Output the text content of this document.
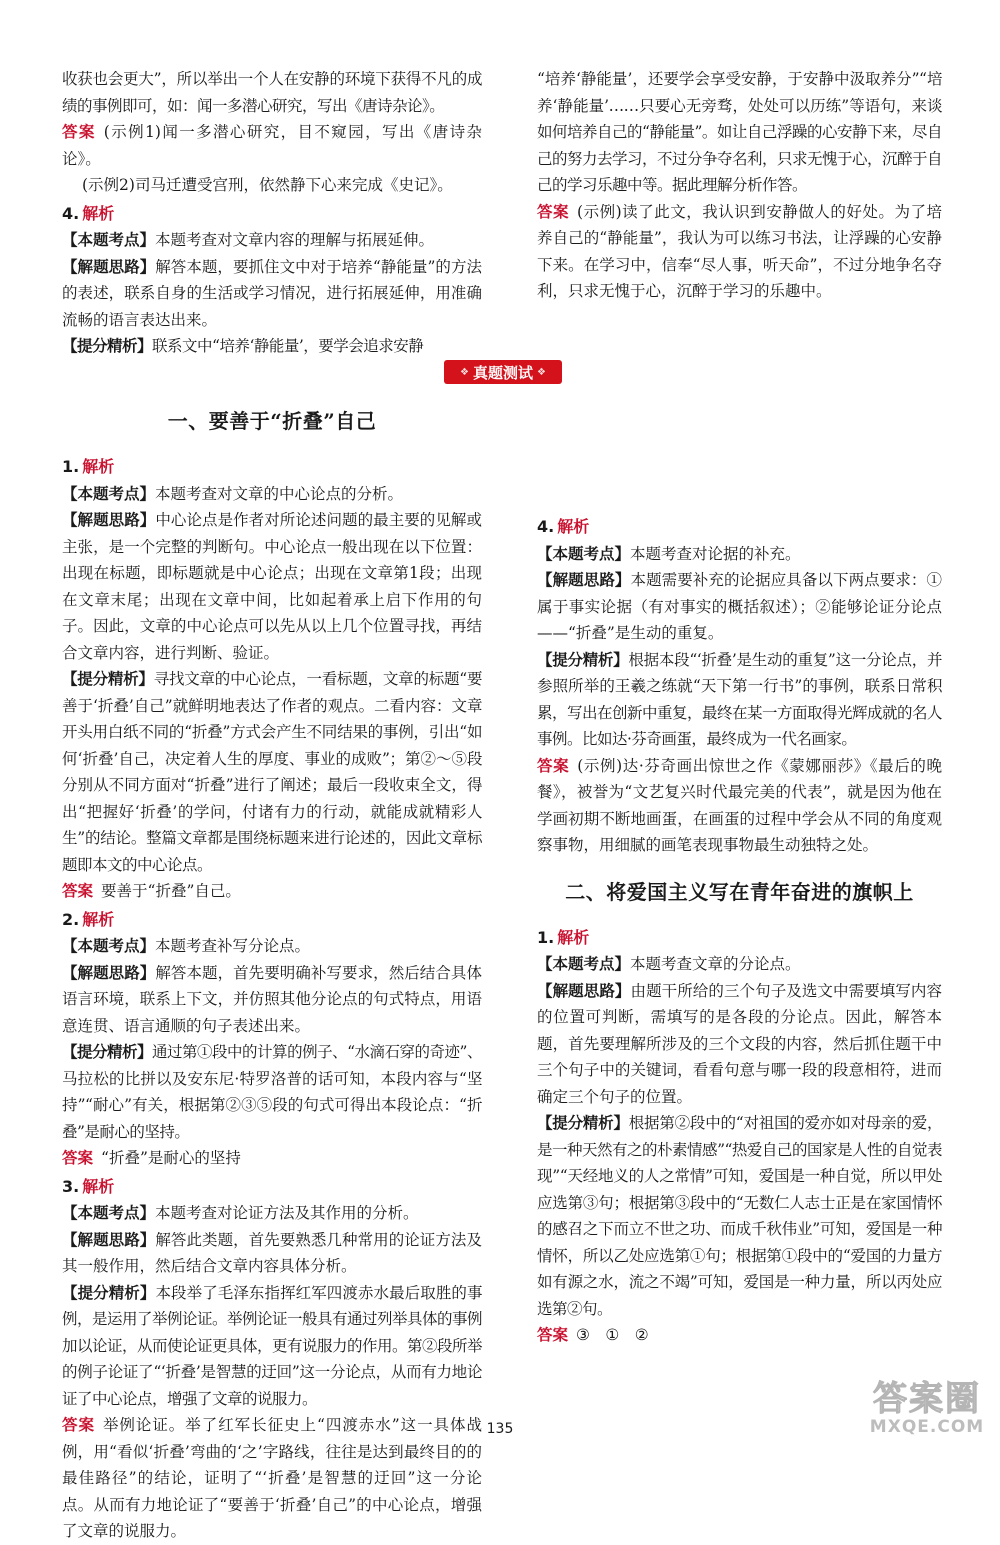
收获也会更大”，所以举出一个人在安静的环境下获得不凡的成绩的事例即可，如：闻一多潜心研究，写出《唐诗杂论》。

答案 (示例1)闻一多潜心研究，目不窥园，写出《唐诗杂论》。

(示例2)司马迁遭受宫刑，依然静下心来完成《史记》。

4. 解析

【本题考点】本题考查对文章内容的理解与拓展延伸。

【解题思路】解答本题，要抓住文中对于培养“静能量”的方法的表述，联系自身的生活或学习情况，进行拓展延伸，用准确流畅的语言表达出来。

【提分精析】联系文中“培养‘静能量’，要学会追求安静

“培养‘静能量’，还要学会享受安静，于安静中汲取养分”“培养‘静能量’……只要心无旁骛，处处可以历练”等语句，来谈如何培养自己的“静能量”。如让自己浮躁的心安静下来，尽自己的努力去学习，不过分争夺名利，只求无愧于心，沉醉于自己的学习乐趣中等。据此理解分析作答。

答案 (示例)读了此文，我认识到安静做人的好处。为了培养自己的“静能量”，我认为可以练习书法，让浮躁的心安静下来。在学习中，信奉“尽人事，听天命”，不过分地争名夺利，只求无愧于心，沉醉于学习的乐趣中。

❖ 真题测试 ❖
一、要善于“折叠”自己
1. 解析

【本题考点】本题考查对文章的中心论点的分析。

【解题思路】中心论点是作者对所论述问题的最主要的见解或主张，是一个完整的判断句。中心论点一般出现在以下位置：出现在标题，即标题就是中心论点；出现在文章第1段；出现在文章末尾；出现在文章中间，比如起着承上启下作用的句子。因此，文章的中心论点可以先从以上几个位置寻找，再结合文章内容，进行判断、验证。

【提分精析】寻找文章的中心论点，一看标题，文章的标题“要善于‘折叠’自己”就鲜明地表达了作者的观点。二看内容：文章开头用白纸不同的“折叠”方式会产生不同结果的事例，引出“如何‘折叠’自己，决定着人生的厚度、事业的成败”；第②～⑤段分别从不同方面对“折叠”进行了阐述；最后一段收束全文，得出“把握好‘折叠’的学问，付诸有力的行动，就能成就精彩人生”的结论。整篇文章都是围绕标题来进行论述的，因此文章标题即本文的中心论点。

答案 要善于“折叠”自己。

2. 解析

【本题考点】本题考查补写分论点。

【解题思路】解答本题，首先要明确补写要求，然后结合具体语言环境，联系上下文，并仿照其他分论点的句式特点，用语意连贯、语言通顺的句子表述出来。

【提分精析】通过第①段中的计算的例子、“水滴石穿的奇迹”、马拉松的比拼以及安东尼·特罗洛普的话可知，本段内容与“坚持”“耐心”有关，根据第②③⑤段的句式可得出本段论点：“折叠”是耐心的坚持。

答案 “折叠”是耐心的坚持

3. 解析

【本题考点】本题考查对论证方法及其作用的分析。

【解题思路】解答此类题，首先要熟悉几种常用的论证方法及其一般作用，然后结合文章内容具体分析。

【提分精析】本段举了毛泽东指挥红军四渡赤水最后取胜的事例，是运用了举例论证。举例论证一般具有通过列举具体的事例加以论证，从而使论证更具体，更有说服力的作用。第②段所举的例子论证了“‘折叠’是智慧的迂回”这一分论点，从而有力地论证了中心论点，增强了文章的说服力。

答案 举例论证。举了红军长征史上“四渡赤水”这一具体战例，用“看似‘折叠’弯曲的‘之’字路线，往往是达到最终目的的最佳路径”的结论，证明了“‘折叠’是智慧的迂回”这一分论点。从而有力地论证了“要善于‘折叠’自己”的中心论点，增强了文章的说服力。

4. 解析

【本题考点】本题考查对论据的补充。

【解题思路】本题需要补充的论据应具备以下两点要求：①属于事实论据（有对事实的概括叙述）；②能够论证分论点——“折叠”是生动的重复。

【提分精析】根据本段“‘折叠’是生动的重复”这一分论点，并参照所举的王羲之练就“天下第一行书”的事例，联系日常积累，写出在创新中重复，最终在某一方面取得光辉成就的名人事例。比如达·芬奇画蛋，最终成为一代名画家。

答案 (示例)达·芬奇画出惊世之作《蒙娜丽莎》《最后的晚餐》，被誉为“文艺复兴时代最完美的代表”，就是因为他在学画初期不断地画蛋，在画蛋的过程中学会从不同的角度观察事物，用细腻的画笔表现事物最生动独特之处。

二、将爱国主义写在青年奋进的旗帜上
1. 解析

【本题考点】本题考查文章的分论点。

【解题思路】由题干所给的三个句子及选文中需要填写内容的位置可判断，需填写的是各段的分论点。因此，解答本题，首先要理解所涉及的三个文段的内容，然后抓住题干中三个句子中的关键词，看看句意与哪一段的段意相符，进而确定三个句子的位置。

【提分精析】根据第②段中的“对祖国的爱亦如对母亲的爱，是一种天然有之的朴素情感”“热爱自己的国家是人性的自觉表现”“天经地义的人之常情”可知，爱国是一种自觉，所以甲处应选第③句；根据第③段中的“无数仁人志士正是在家国情怀的感召之下而立不世之功、而成千秋伟业”可知，爱国是一种情怀，所以乙处应选第①句；根据第①段中的“爱国的力量方如有源之水，流之不竭”可知，爱国是一种力量，所以丙处应选第②句。

答案 ③　①　②

135
答案圈
MXQE.COM
